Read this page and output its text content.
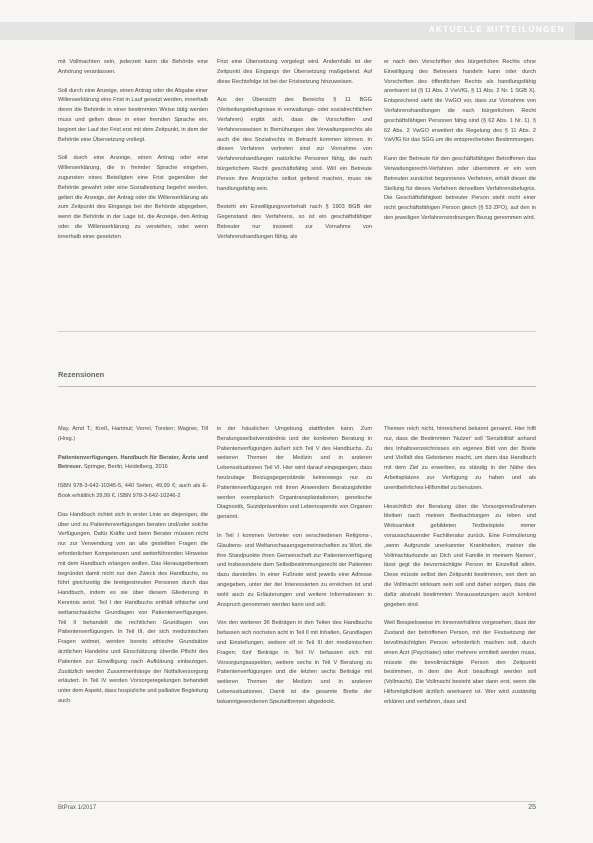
AKTUELLE MITTEILUNGEN

mit Vollmachten sein, jederzeit kann die Behörde eine Anhörung veranlassen.

Soll durch eine Anzeige, einen Antrag oder die Abgabe einer Willenserklärung eine Frist in Lauf gesetzt werden, innerhalb deren die Behörde in einer bestimmten Weise tätig werden muss und gelten diese in einer fremden Sprache ein, beginnt der Lauf der Frist erst mit dem Zeitpunkt, in dem der Behörde eine Übersetzung vorliegt.

Soll durch eine Anzeige, einen Antrag oder eine Willenserklärung, die in fremder Sprache eingehen, zugunsten eines Beteiligten eine Frist gegenüber der Behörde gewahrt oder eine Sozialleistung begehrt werden, gelten die Anzeige, der Antrag oder die Willenserklärung als zum Zeitpunkt des Eingangs bei der Behörde abgegeben, wenn die Behörde in der Lage ist, die Anzeige, den Antrag oder die Willenserklärung zu verstehen, oder wenn innerhalb einer gesetzten

Frist eine Übersetzung vorgelegt wird. Andernfalls ist der Zeitpunkt des Eingangs der Übersetzung maßgebend. Auf diese Rechtsfolge ist bei der Fristsetzung hinzuweisen.

Aus der Übersicht des Bereichs § 11 BGG (Verbeitungsbefugnisse in verwaltungs- oder sozialrechtlichen Verfahren) ergibt sich, dass die Vorschriften und Verfahrensweisen in Bemühungen des Verwaltungsrechts als auch die des Sozialrechts in Betracht kommen können. In diesen Verfahren vertreten sind zur Vornahme von Verfahrenshandlungen natürliche Personen fähig, die nach bürgerlichem Recht geschäftsfähig sind. Will ein Betreute Person ihre Ansprüche selbst geltend machen, muss sie handlungsfähig sein.

Besteht ein Einwilligungsvorbehalt nach § 1903 BGB der Gegenstand des Verfahrens, so ist ein geschäftsfähiger Betreuter nur insoweit zur Vornahme von Verfahrenshandlungen fähig, als

er nach den Vorschriften des bürgerlichen Rechts ohne Einwilligung des Betreuers handeln kann oder durch Vorschriften des öffentlichen Rechts als handlungsfähig anerkannt ist (§ 11 Abs. 2 VwVfG, § 11 Abs. 2 Nr. 1 SGB X). Entsprechend sieht die VwGO vor, dass zur Vornahme von Verfahrenshandlungen die nach bürgerlichem Recht geschäftsfähigen Personen fähig sind (§ 62 Abs. 1 Nr. 1). § 62 Abs. 2 VwGO erweitert die Regelung des § 11 Abs. 2 VwVfG für das SGG um die entsprechenden Bestimmungen.

Kann der Betreute für den geschäftsfähigen Betroffenen das Verwaltungsrecht-Verfahren oder übernimmt er ein vom Betreuten zunächst begonnenes Verfahren, erhält dieser die Stellung für dieses Verfahren denselben Verfahrensbefugnis. Die Geschäftsfähigkeit betreuter Person steht nicht einer nicht geschäftsfähigen Person gleich (§ 53 ZPO), auf den in den jeweiligen Verfahrensordnungen Bezug genommen wird.

Rezensionen

May, Arnd T.; Kreß, Hartmut; Verrel, Torsten; Wagner, Till (Hrsg.)

Patientenverfügungen. Handbuch für Berater, Ärzte und Betreuer. Springer, Berlin, Heidelberg, 2016

ISBN 978-3-642-10345-5, 440 Seiten, 49,99 €; auch als E-Book erhältlich 39,99 €. ISBN 978-3-642-10246-2

Das Handbuch richtet sich in erster Linie an diejenigen, die über und zu Patientenverfügungen beraten und/oder solche Verfügungen. Dafür Kräfte und beim Berater müssen nicht nur zur Verwendung von an alle gestellten Fragen die erforderlichen Kompetenzen und weiterführenden Hinweise mit dem Handbuch erlangen wollen. Das Herausgeberteam begründet damit nicht nur den Zweck des Handbuchs, es führt gleichzeitig die breitgestreuten Personen durch das Handbuch, indem es sie über diesem Gliederung in Kenntnis setzt. Teil I der Handbuchs enthält ethische und weltanschauliche Grundlagen von Patientenverfügungen. Teil II behandelt die rechtlichen Grundlagen von Patientenverfügungen. In Teil III, der sich medizinischen Fragen widmet, werden bereits ethische Grundsätze ärztlichen Handelns und Einschätzung überdie Pflicht des Patienten zur Einwilligung nach Aufklärung einbezogen. Zusätzlich werden Zusammenhänge der Notfallversorgung erläutert. In Teil IV werden Vorsorgeregelungen behandelt unter dem Aspekt, dass hospizliche und palliative Begleitung auch

in der häuslichen Umgebung stattfinden kann. Zum Beratungsselbstverständnis und der konkreten Beratung in Patientenverfügungen äußert sich Teil V des Handbuchs. Zu weiteren Themen der Medizin und in anderen Lebenssituationen Teil VI. Hier wird darauf eingegangen, dass heutzutage Beizugsgegenstände keineswegs nur zu Patientenverfügungen mit ihren Anwendern Beratungsfelder werden exemplarisch Organtransplantationen, genetische Diagnostik, Suizidprävention und Lebensspende von Organen genannt.

In Teil I kommen Vertreter von verschiedenen Religions-, Glaubens- und Weltanschauungsgemeinschaften zu Wort, die ihre Standpunkte ihren Gemeinschaft zur Patientenverfügung und insbesondere dem Selbstbestimmungsrecht der Patienten dazu darstellen. In einer Fußnote wird jeweils eine Adresse angegeben, unter der der Interessierten zu erreichen ist und wohl auch zu Erläuterungen und weitere Informationen in Anspruch genommen werden kann und soll.

Von den weiteren 36 Beiträgen in den Teilen des Handbuchs befassen sich nochsten acht in Teil II mit Inhalten, Grundlagen und Einstellungen, weitere elf in Teil III der medizinischen Fragen; fünf Beiträge in Teil IV befassen sich mit Vorsorgungsaspekten, weitere sechs in Teil V Beratung zu Patientenverfügungen und die letzten sechs Beiträge mit weiteren Themen der Medizin und in anderen Lebenssituationen. Damit ist die gesamte Breite der bekanntgewordenen Spezialthemen abgedeckt.

Themen reich nicht, hinreichend bekannt genannt. Hier hilft nur, dass die Bestimmten 'Nutzer' soll 'Sensibilität' anhand des Inhaltsverzeichnisses ein eigenes Bild von der Breite und Vielfalt des Gebotenen macht, um dann das Handbuch mit dem Ziel zu erwerben, es ständig in der Nähe des Arbeitsplatzes zur Verfügung zu haben und als unentbehrliches Hilfsmittel zu benutzen.

Hinsichtlich der Beratung über die Vorsorgemaßnahmen bleiben nach meinen Beobachtungen zu leben und Wirksamkeit gebildeten Textbeispiele immer vorausschauender Fachliteratur zurück. Eine Formulierung „wenn Aufgrunde unerkannter Krankheiten, meiner die Vollmachturkunde an Dich und Familie in meinem Namen', lässt gegt die bevormächtigte Person im Einzelfall allein. Diese müsste selbst den Zeitpunkt bestimmen, von dem an die Vollmacht wirksam sein soll und daher sorgen, dass die dafür abstrakt bestimmten Voraussetzungen auch konkret gegeben sind.

Weil Beispielsweise im Innenverhältnis vorgesehen, dass der Zustand der betroffenen Person, mit der Festsetzung der bevollmächtigten Person erforderlich machen soll, durch einen Arzt (Psychiater) oder mehrere ermittelt werden muss, müsste die bevollmächtigte Person den Zeitpunkt bestimmen, in dem der Arzt beauftragt werden soll (Vollmacht). Die Vollmacht besteht aber dann erst, wenn die Hilfsmöglichkeit ärztlich anerkannt ist. Wer wird zuständig erklären und verfahren, dass und

BtPrax 1/2017	25
